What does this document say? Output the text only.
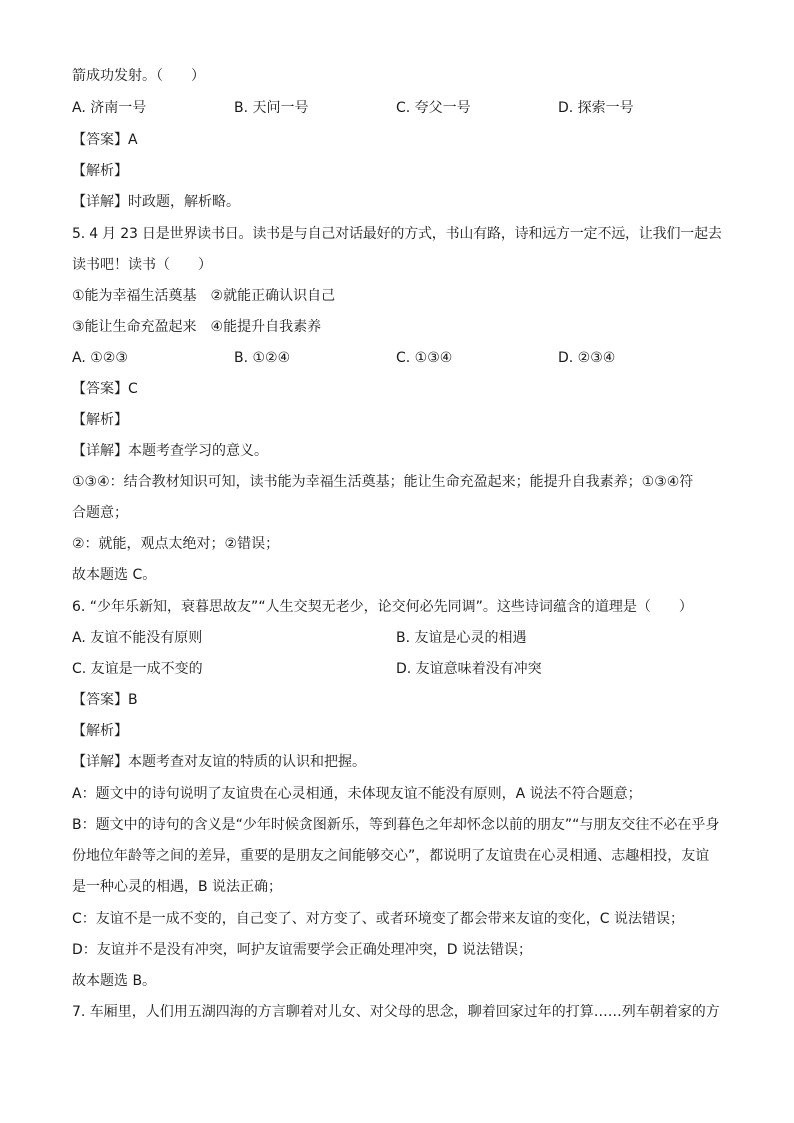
箭成功发射。（　　）
A. 济南一号	B. 天问一号	C. 夸父一号	D. 探索一号
【答案】A
【解析】
【详解】时政题，解析略。
5. 4 月 23 日是世界读书日。读书是与自己对话最好的方式，书山有路，诗和远方一定不远，让我们一起去
读书吧！读书（　　）
①能为幸福生活奠基　②就能正确认识自己
③能让生命充盈起来　④能提升自我素养
A. ①②③	B. ①②④	C. ①③④	D. ②③④
【答案】C
【解析】
【详解】本题考查学习的意义。
①③④：结合教材知识可知，读书能为幸福生活奠基；能让生命充盈起来；能提升自我素养；①③④符
合题意；
②：就能，观点太绝对；②错误；
故本题选 C。
6. “少年乐新知，衰暮思故友”“人生交契无老少，论交何必先同调”。这些诗词蕴含的道理是（　　）
A. 友谊不能没有原则	B. 友谊是心灵的相遇
C. 友谊是一成不变的	D. 友谊意味着没有冲突
【答案】B
【解析】
【详解】本题考查对友谊的特质的认识和把握。
A：题文中的诗句说明了友谊贵在心灵相通，未体现友谊不能没有原则，A 说法不符合题意；
B：题文中的诗句的含义是“少年时候贪图新乐，等到暮色之年却怀念以前的朋友”“与朋友交往不必在乎身
份地位年龄等之间的差异，重要的是朋友之间能够交心”，都说明了友谊贵在心灵相通、志趣相投，友谊
是一种心灵的相遇，B 说法正确；
C：友谊不是一成不变的，自己变了、对方变了、或者环境变了都会带来友谊的变化，C 说法错误；
D：友谊并不是没有冲突，呵护友谊需要学会正确处理冲突，D 说法错误；
故本题选 B。
7. 车厢里，人们用五湖四海的方言聊着对儿女、对父母的思念，聊着回家过年的打算……列车朝着家的方
